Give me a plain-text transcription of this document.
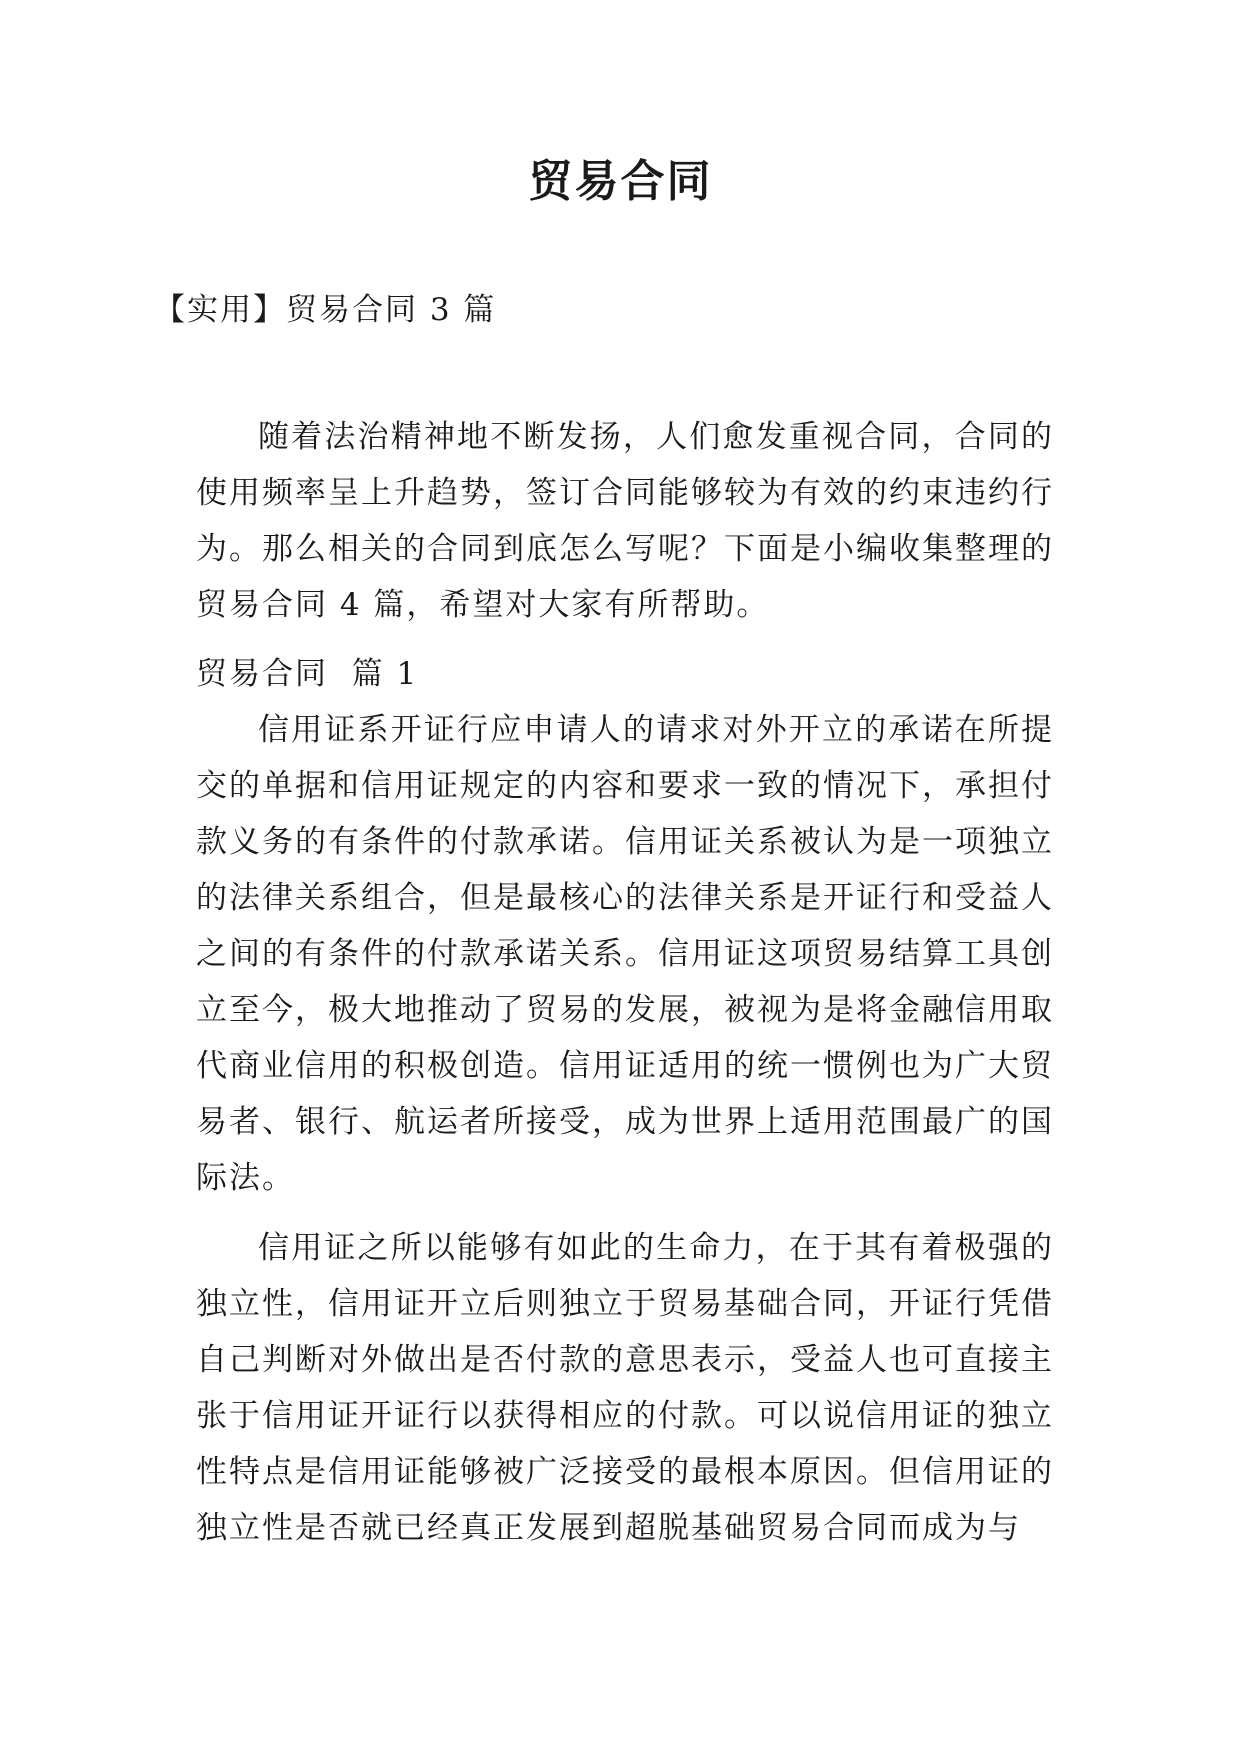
贸易合同

【实用】贸易合同 3 篇

随着法治精神地不断发扬，人们愈发重视合同，合同的使用频率呈上升趋势，签订合同能够较为有效的约束违约行为。那么相关的合同到底怎么写呢？下面是小编收集整理的贸易合同 4 篇，希望对大家有所帮助。

贸易合同  篇 1

信用证系开证行应申请人的请求对外开立的承诺在所提交的单据和信用证规定的内容和要求一致的情况下，承担付款义务的有条件的付款承诺。信用证关系被认为是一项独立的法律关系组合，但是最核心的法律关系是开证行和受益人之间的有条件的付款承诺关系。信用证这项贸易结算工具创立至今，极大地推动了贸易的发展，被视为是将金融信用取代商业信用的积极创造。信用证适用的统一惯例也为广大贸易者、银行、航运者所接受，成为世界上适用范围最广的国际法。

信用证之所以能够有如此的生命力，在于其有着极强的独立性，信用证开立后则独立于贸易基础合同，开证行凭借自己判断对外做出是否付款的意思表示，受益人也可直接主张于信用证开证行以获得相应的付款。可以说信用证的独立性特点是信用证能够被广泛接受的最根本原因。但信用证的独立性是否就已经真正发展到超脱基础贸易合同而成为与
